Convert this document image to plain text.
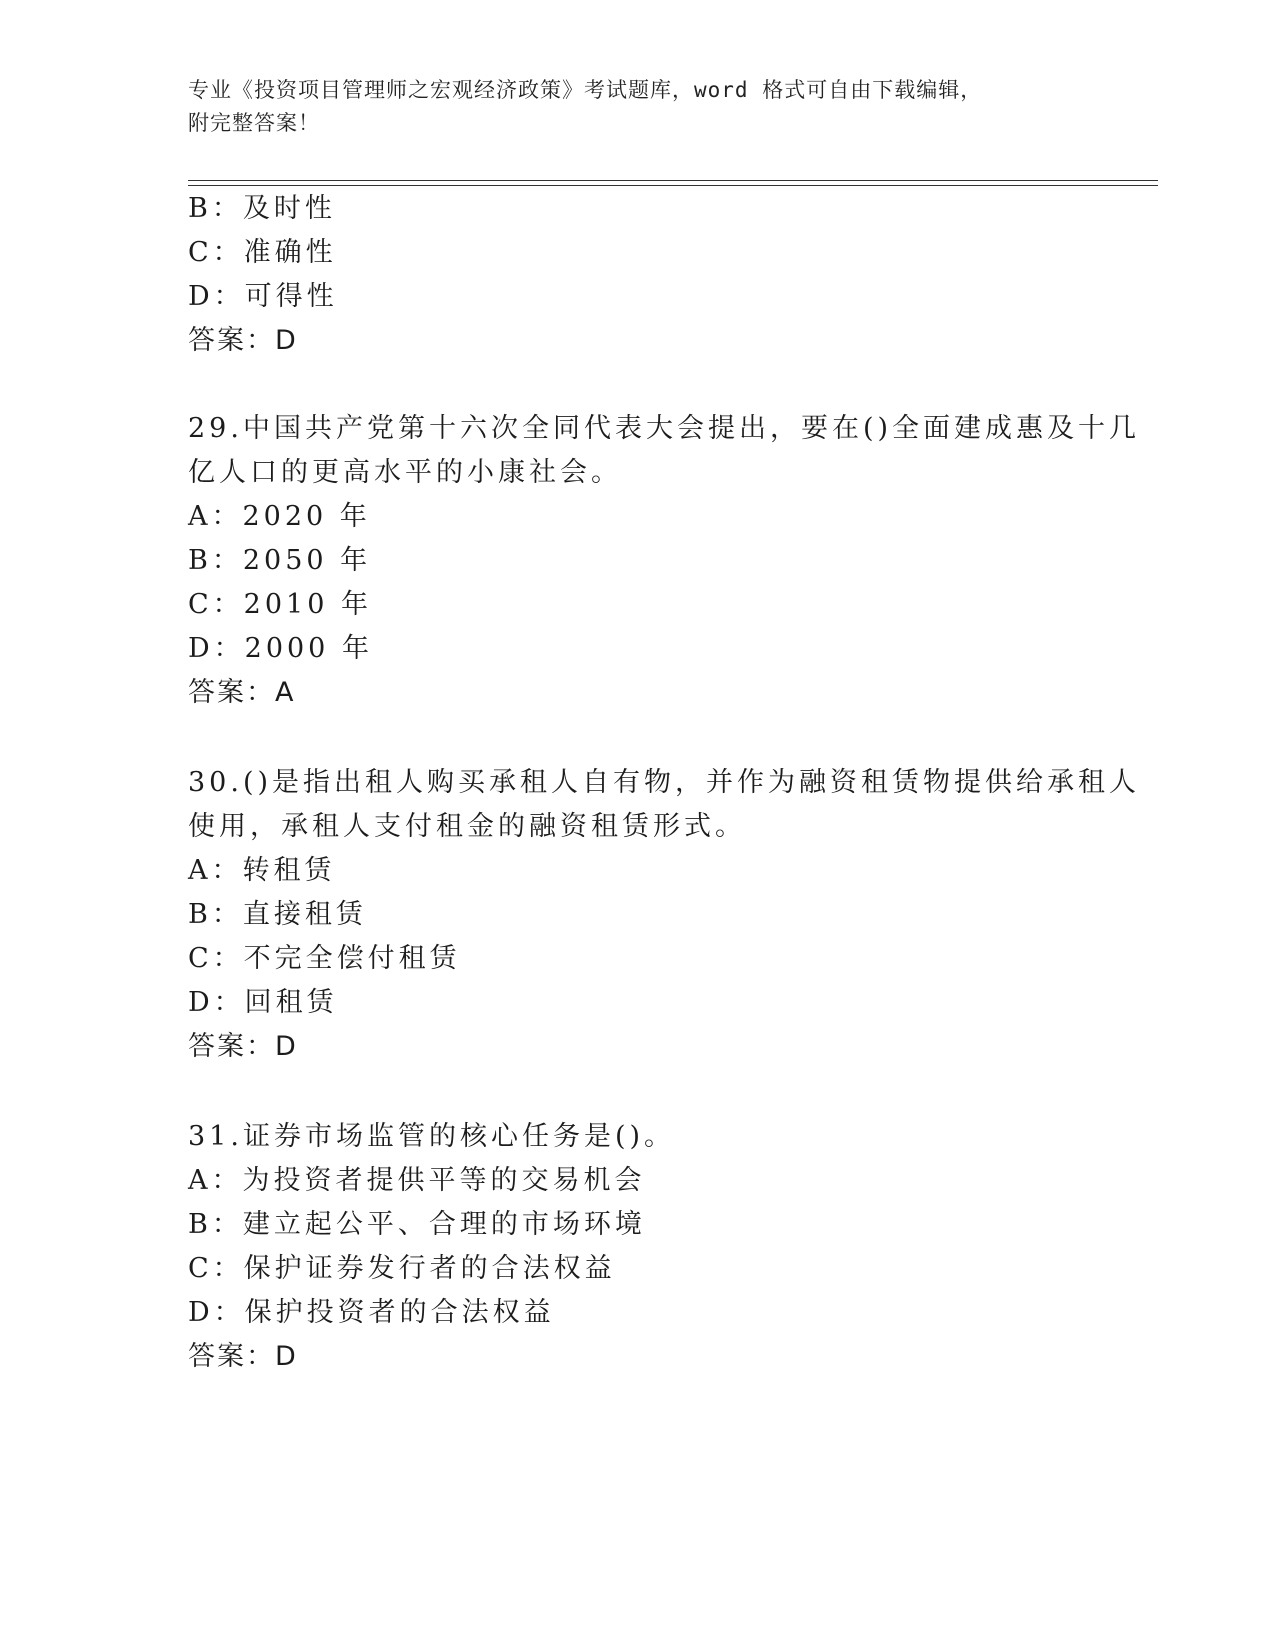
专业《投资项目管理师之宏观经济政策》考试题库，word 格式可自由下载编辑，
附完整答案！
B：及时性
C：准确性
D：可得性
答案：D
29.中国共产党第十六次全同代表大会提出，要在()全面建成惠及十几
亿人口的更高水平的小康社会。
A：2020 年
B：2050 年
C：2010 年
D：2000 年
答案：A
30.()是指出租人购买承租人自有物，并作为融资租赁物提供给承租人
使用，承租人支付租金的融资租赁形式。
A：转租赁
B：直接租赁
C：不完全偿付租赁
D：回租赁
答案：D
31.证券市场监管的核心任务是()。
A：为投资者提供平等的交易机会
B：建立起公平、合理的市场环境
C：保护证券发行者的合法权益
D：保护投资者的合法权益
答案：D
